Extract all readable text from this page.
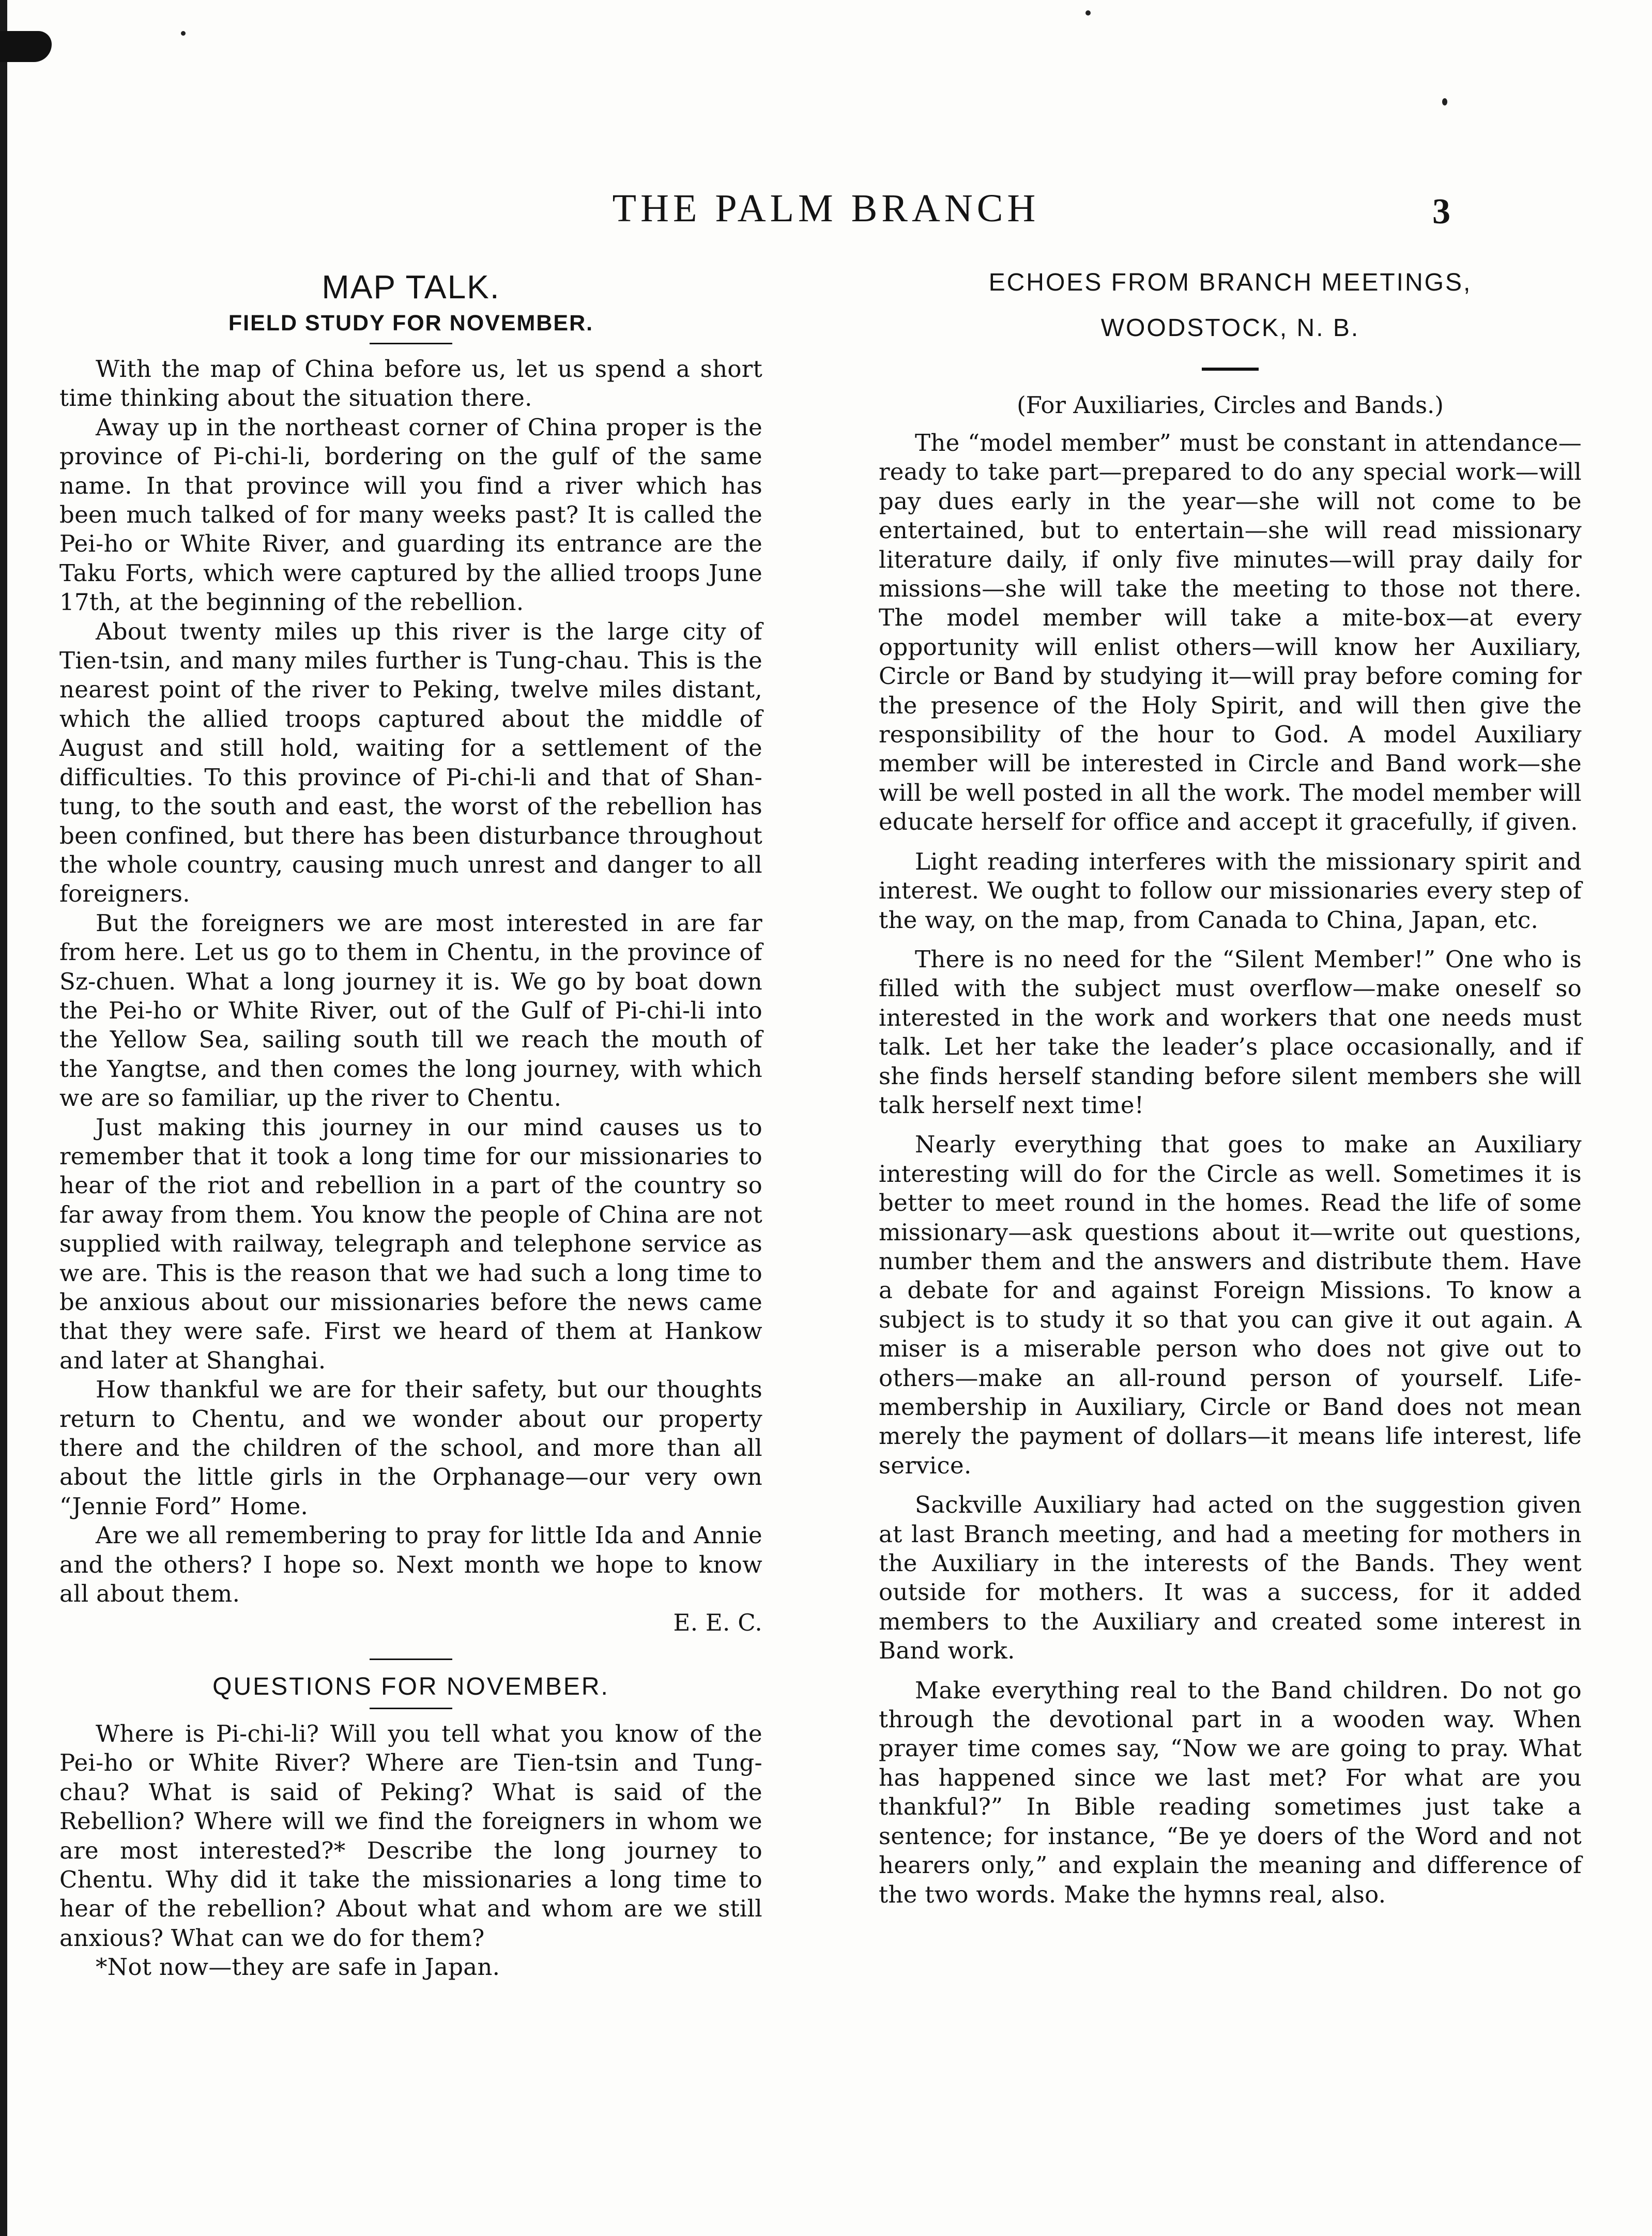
THE PALM BRANCH	3
MAP TALK.
FIELD STUDY FOR NOVEMBER.

With the map of China before us, let us spend a short time thinking about the situation there.

Away up in the northeast corner of China proper is the province of Pi-chi-li, bordering on the gulf of the same name. In that province will you find a river which has been much talked of for many weeks past? It is called the Pei-ho or White River, and guarding its entrance are the Taku Forts, which were captured by the allied troops June 17th, at the beginning of the rebellion.

About twenty miles up this river is the large city of Tien-tsin, and many miles further is Tung-chau. This is the nearest point of the river to Peking, twelve miles distant, which the allied troops captured about the middle of August and still hold, waiting for a settlement of the difficulties. To this province of Pi-chi-li and that of Shan-tung, to the south and east, the worst of the rebellion has been confined, but there has been disturbance throughout the whole country, causing much unrest and danger to all foreigners.

But the foreigners we are most interested in are far from here. Let us go to them in Chentu, in the province of Sz-chuen. What a long journey it is. We go by boat down the Pei-ho or White River, out of the Gulf of Pi-chi-li into the Yellow Sea, sailing south till we reach the mouth of the Yangtse, and then comes the long journey, with which we are so familiar, up the river to Chentu.

Just making this journey in our mind causes us to remember that it took a long time for our missionaries to hear of the riot and rebellion in a part of the country so far away from them. You know the people of China are not supplied with railway, telegraph and telephone service as we are. This is the reason that we had such a long time to be anxious about our missionaries before the news came that they were safe. First we heard of them at Hankow and later at Shanghai.

How thankful we are for their safety, but our thoughts return to Chentu, and we wonder about our property there and the children of the school, and more than all about the little girls in the Orphanage—our very own “Jennie Ford” Home.

Are we all remembering to pray for little Ida and Annie and the others? I hope so. Next month we hope to know all about them.

E. E. C.

QUESTIONS FOR NOVEMBER.

Where is Pi-chi-li? Will you tell what you know of the Pei-ho or White River? Where are Tien-tsin and Tung-chau? What is said of Peking? What is said of the Rebellion? Where will we find the foreigners in whom we are most interested?* Describe the long journey to Chentu. Why did it take the missionaries a long time to hear of the rebellion? About what and whom are we still anxious? What can we do for them?

*Not now—they are safe in Japan.

ECHOES FROM BRANCH MEETINGS,
WOODSTOCK, N. B.
(For Auxiliaries, Circles and Bands.)

The “model member” must be constant in attendance—ready to take part—prepared to do any special work—will pay dues early in the year—she will not come to be entertained, but to entertain—she will read missionary literature daily, if only five minutes—will pray daily for missions—she will take the meeting to those not there. The model member will take a mite-box—at every opportunity will enlist others—will know her Auxiliary, Circle or Band by studying it—will pray before coming for the presence of the Holy Spirit, and will then give the responsibility of the hour to God. A model Auxiliary member will be interested in Circle and Band work—she will be well posted in all the work. The model member will educate herself for office and accept it gracefully, if given.

Light reading interferes with the missionary spirit and interest. We ought to follow our missionaries every step of the way, on the map, from Canada to China, Japan, etc.

There is no need for the “Silent Member!” One who is filled with the subject must overflow—make oneself so interested in the work and workers that one needs must talk. Let her take the leader’s place occasionally, and if she finds herself standing before silent members she will talk herself next time!

Nearly everything that goes to make an Auxiliary interesting will do for the Circle as well. Sometimes it is better to meet round in the homes. Read the life of some missionary—ask questions about it—write out questions, number them and the answers and distribute them. Have a debate for and against Foreign Missions. To know a subject is to study it so that you can give it out again. A miser is a miserable person who does not give out to others—make an all-round person of yourself. Life-membership in Auxiliary, Circle or Band does not mean merely the payment of dollars—it means life interest, life service.

Sackville Auxiliary had acted on the suggestion given at last Branch meeting, and had a meeting for mothers in the Auxiliary in the interests of the Bands. They went outside for mothers. It was a success, for it added members to the Auxiliary and created some interest in Band work.

Make everything real to the Band children. Do not go through the devotional part in a wooden way. When prayer time comes say, “Now we are going to pray. What has happened since we last met? For what are you thankful?” In Bible reading sometimes just take a sentence; for instance, “Be ye doers of the Word and not hearers only,” and explain the meaning and difference of the two words. Make the hymns real, also.
